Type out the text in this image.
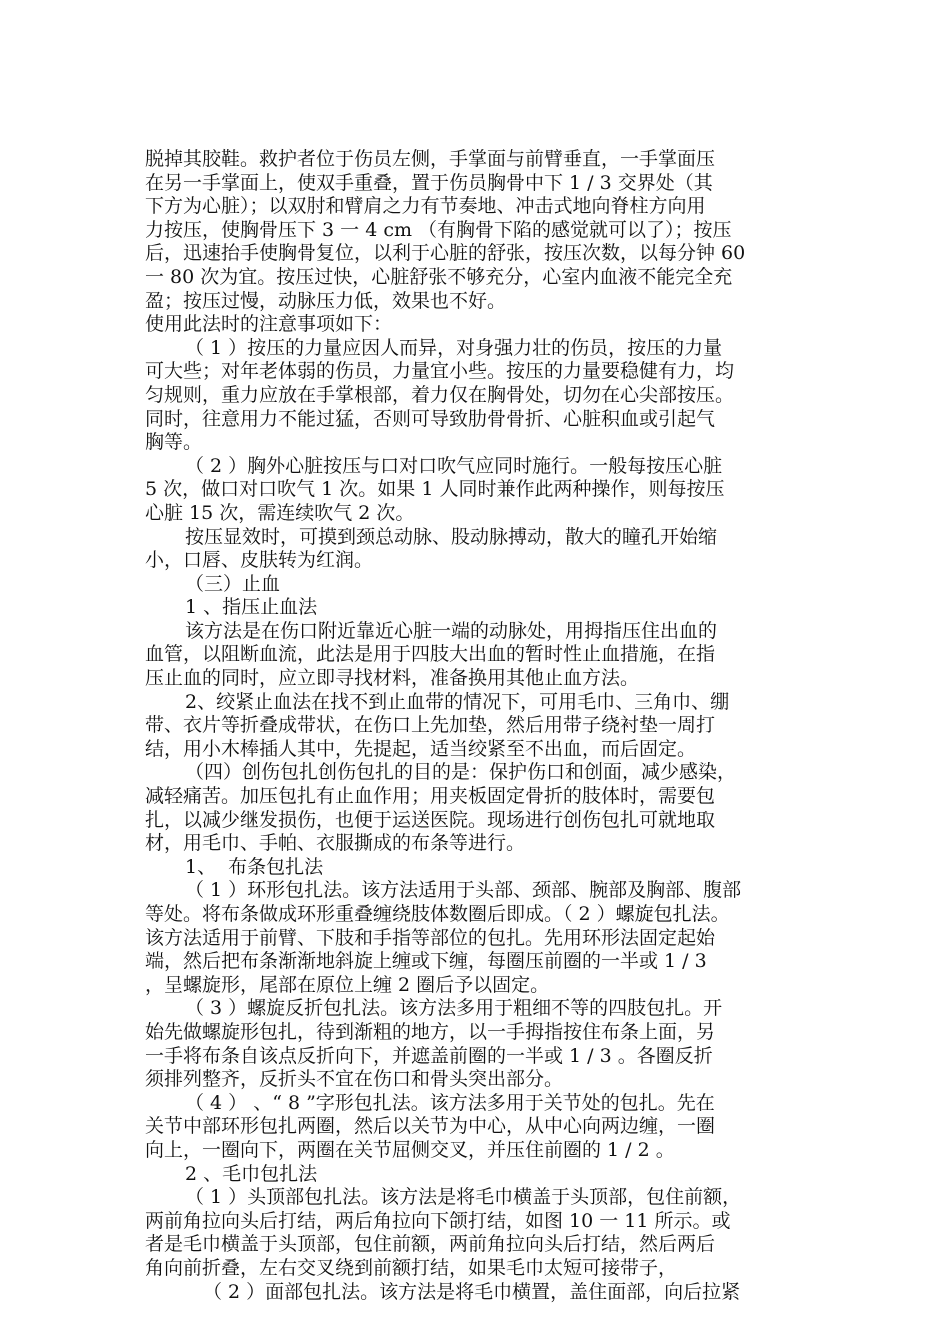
脱掉其胶鞋。救护者位于伤员左侧，手掌面与前臂垂直，一手掌面压
在另一手掌面上，使双手重叠，置于伤员胸骨中下 1 / 3 交界处（其
下方为心脏）；以双肘和臂肩之力有节奏地、冲击式地向脊柱方向用
力按压，使胸骨压下 3 一 4 cm （有胸骨下陷的感觉就可以了）；按压
后，迅速抬手使胸骨复位，以利于心脏的舒张，按压次数，以每分钟 60
一 80 次为宜。按压过快，心脏舒张不够充分，心室内血液不能完全充
盈；按压过慢，动脉压力低，效果也不好。
使用此法时的注意事项如下：
（ 1 ）按压的力量应因人而异，对身强力壮的伤员，按压的力量
可大些；对年老体弱的伤员，力量宜小些。按压的力量要稳健有力，均
匀规则，重力应放在手掌根部，着力仅在胸骨处，切勿在心尖部按压。
同时，往意用力不能过猛，否则可导致肋骨骨折、心脏积血或引起气
胸等。
（ 2 ）胸外心脏按压与口对口吹气应同时施行。一般每按压心脏
5 次，做口对口吹气 1 次。如果 1 人同时兼作此两种操作，则每按压
心脏 15 次，需连续吹气 2 次。
按压显效时，可摸到颈总动脉、股动脉搏动，散大的瞳孔开始缩
小，口唇、皮肤转为红润。
（三）止血
1 、指压止血法
该方法是在伤口附近靠近心脏一端的动脉处，用拇指压住出血的
血管，以阻断血流，此法是用于四肢大出血的暂时性止血措施，在指
压止血的同时，应立即寻找材料，准备换用其他止血方法。
2、绞紧止血法在找不到止血带的情况下，可用毛巾、三角巾、绷
带、衣片等折叠成带状，在伤口上先加垫，然后用带子绕衬垫一周打
结，用小木棒插人其中，先提起，适当绞紧至不出血，而后固定。
（四）创伤包扎创伤包扎的目的是：保护伤口和创面，减少感染，
减轻痛苦。加压包扎有止血作用；用夹板固定骨折的肢体时，需要包
扎，以减少继发损伤，也便于运送医院。现场进行创伤包扎可就地取
材，用毛巾、手帕、衣服撕成的布条等进行。
1、  布条包扎法
（ 1 ）环形包扎法。该方法适用于头部、颈部、腕部及胸部、腹部
等处。将布条做成环形重叠缠绕肢体数圈后即成。（ 2 ）螺旋包扎法。
该方法适用于前臂、下肢和手指等部位的包扎。先用环形法固定起始
端，然后把布条渐渐地斜旋上缠或下缠，每圈压前圈的一半或 1 / 3
，呈螺旋形，尾部在原位上缠 2 圈后予以固定。
（ 3 ）螺旋反折包扎法。该方法多用于粗细不等的四肢包扎。开
始先做螺旋形包扎，待到渐粗的地方，以一手拇指按住布条上面，另
一手将布条自该点反折向下，并遮盖前圈的一半或 1 / 3 。各圈反折
须排列整齐，反折头不宜在伤口和骨头突出部分。
（ 4 ） 、“ 8 ”字形包扎法。该方法多用于关节处的包扎。先在
关节中部环形包扎两圈，然后以关节为中心，从中心向两边缠，一圈
向上，一圈向下，两圈在关节屈侧交叉，并压住前圈的 1 / 2 。
2 、毛巾包扎法
（ 1 ）头顶部包扎法。该方法是将毛巾横盖于头顶部，包住前额，
两前角拉向头后打结，两后角拉向下颌打结，如图 10 一 11 所示。或
者是毛巾横盖于头顶部，包住前额，两前角拉向头后打结，然后两后
角向前折叠，左右交叉绕到前额打结，如果毛巾太短可接带子，
（ 2 ）面部包扎法。该方法是将毛巾横置，盖住面部，向后拉紧
